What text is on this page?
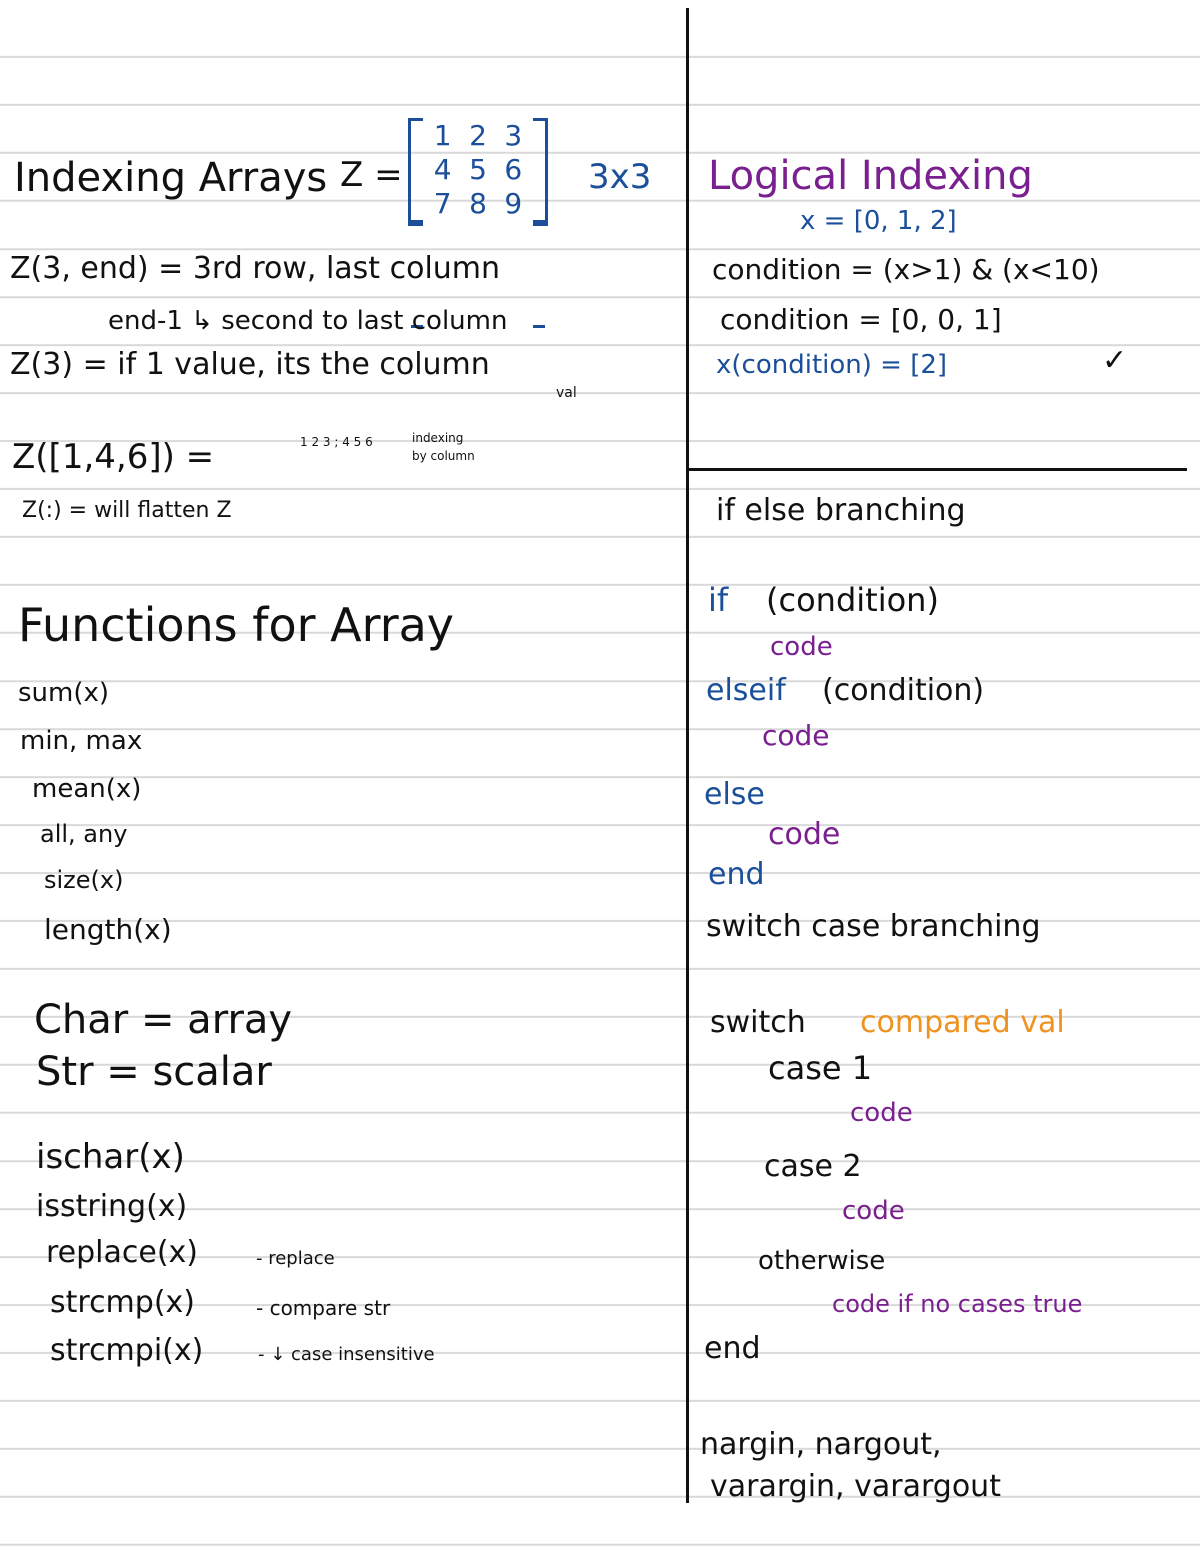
Indexing Arrays Z =
1 2 3
4 5 6
7 8 9
3x3
Z(3, end) = 3rd row, last column
end-1 ↳ second to last column
Z(3) = if 1 value, its the column
val
Z([1,4,6]) =	1 2 3 ; 4 5 6	indexing
by column
Z(:) = will flatten Z
Functions for Array
sum(x)
min, max
mean(x)
all, any
size(x)
length(x)
Char = array
Str = scalar
ischar(x)
isstring(x)
replace(x)	- replace
strcmp(x)	- compare str
strcmpi(x)	- ↓ case insensitive
Logical Indexing
x = [0, 1, 2]
condition = (x>1) & (x<10)
condition = [0, 0, 1]
x(condition) = [2]	✓
if else branching
if (condition)
code
elseif (condition)
code
else
code
end
switch case branching
switch compared val
case 1
code
case 2
code
otherwise
code if no cases true
end
nargin, nargout,
varargin, varargout
